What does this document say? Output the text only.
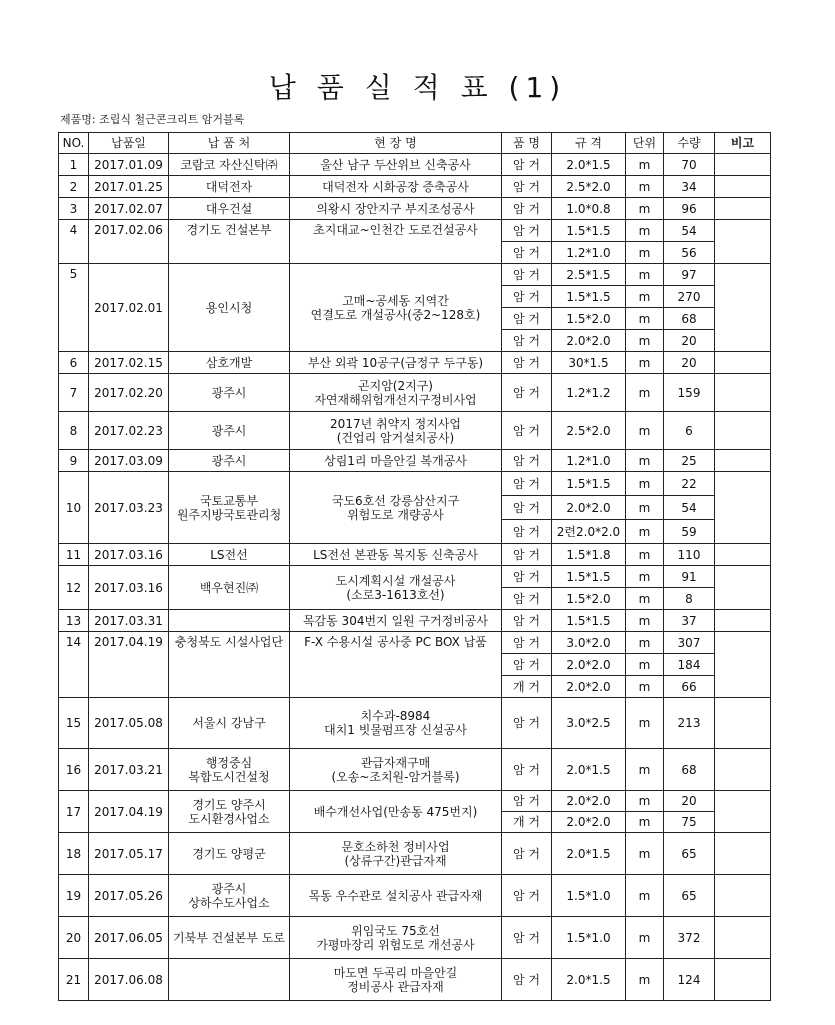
납 품 실 적 표 (1)
제품명: 조립식 철근콘크리트 암거블록
NO.	납품일	납 품 처	현 장 명	품 명	규 격	단위	수량	비고
1	2017.01.09	코람코 자산신탁㈜	울산 남구 두산위브 신축공사	암 거	2.0*1.5	m	70	
2	2017.01.25	대덕전자	대덕전자 시화공장 증축공사	암 거	2.5*2.0	m	34	
3	2017.02.07	대우건설	의왕시 장안지구 부지조성공사	암 거	1.0*0.8	m	96	
4	2017.02.06	경기도 건설본부	초지대교~인천간 도로건설공사	암 거	1.5*1.5	m	54	
				암 거	1.2*1.0	m	56	
5	2017.02.01	용인시청	고매~공세동 지역간
연결도로 개설공사(중2~128호)	암 거	2.5*1.5	m	97	
				암 거	1.5*1.5	m	270	
				암 거	1.5*2.0	m	68	
				암 거	2.0*2.0	m	20	
6	2017.02.15	삼호개발	부산 외곽 10공구(금정구 두구동)	암 거	30*1.5	m	20	
7	2017.02.20	광주시	곤지암(2지구)
자연재해위험개선지구정비사업	암 거	1.2*1.2	m	159	
8	2017.02.23	광주시	2017년 취약지 정지사업
(건업리 암거설치공사)	암 거	2.5*2.0	m	6	
9	2017.03.09	광주시	상림1리 마을안길 복개공사	암 거	1.2*1.0	m	25	
10	2017.03.23	국토교통부
원주지방국토관리청	국도6호선 강릉삼산지구
위험도로 개량공사	암 거	1.5*1.5	m	22	
				암 거	2.0*2.0	m	54	
				암 거	2련2.0*2.0	m	59	
11	2017.03.16	LS전선	LS전선 본관동 복지동 신축공사	암 거	1.5*1.8	m	110	
12	2017.03.16	백우현진㈜	도시계획시설 개설공사
(소로3-1613호선)	암 거	1.5*1.5	m	91	
				암 거	1.5*2.0	m	8	
13	2017.03.31		목감동 304번지 일원 구거정비공사	암 거	1.5*1.5	m	37	
14	2017.04.19	충청북도 시설사업단	F-X 수용시설 공사중 PC BOX 납품	암 거	3.0*2.0	m	307	
				암 거	2.0*2.0	m	184	
				개 거	2.0*2.0	m	66	
15	2017.05.08	서울시 강남구	치수과-8984
대치1 빗물펌프장 신설공사	암 거	3.0*2.5	m	213	
16	2017.03.21	행정중심
복합도시건설청	관급자재구매
(오송~조치원-암거블록)	암 거	2.0*1.5	m	68	
17	2017.04.19	경기도 양주시
도시환경사업소	배수개선사업(만송동 475번지)	암 거	2.0*2.0	m	20	
				개 거	2.0*2.0	m	75	
18	2017.05.17	경기도 양평군	문호소하천 정비사업
(상류구간)관급자재	암 거	2.0*1.5	m	65	
19	2017.05.26	광주시
상하수도사업소	목동 우수관로 설치공사 관급자재	암 거	1.5*1.0	m	65	
20	2017.06.05	기북부 건설본부 도로	위임국도 75호선
가평마장리 위험도로 개선공사	암 거	1.5*1.0	m	372	
21	2017.06.08		마도면 두곡리 마을안길
정비공사 관급자재	암 거	2.0*1.5	m	124	
